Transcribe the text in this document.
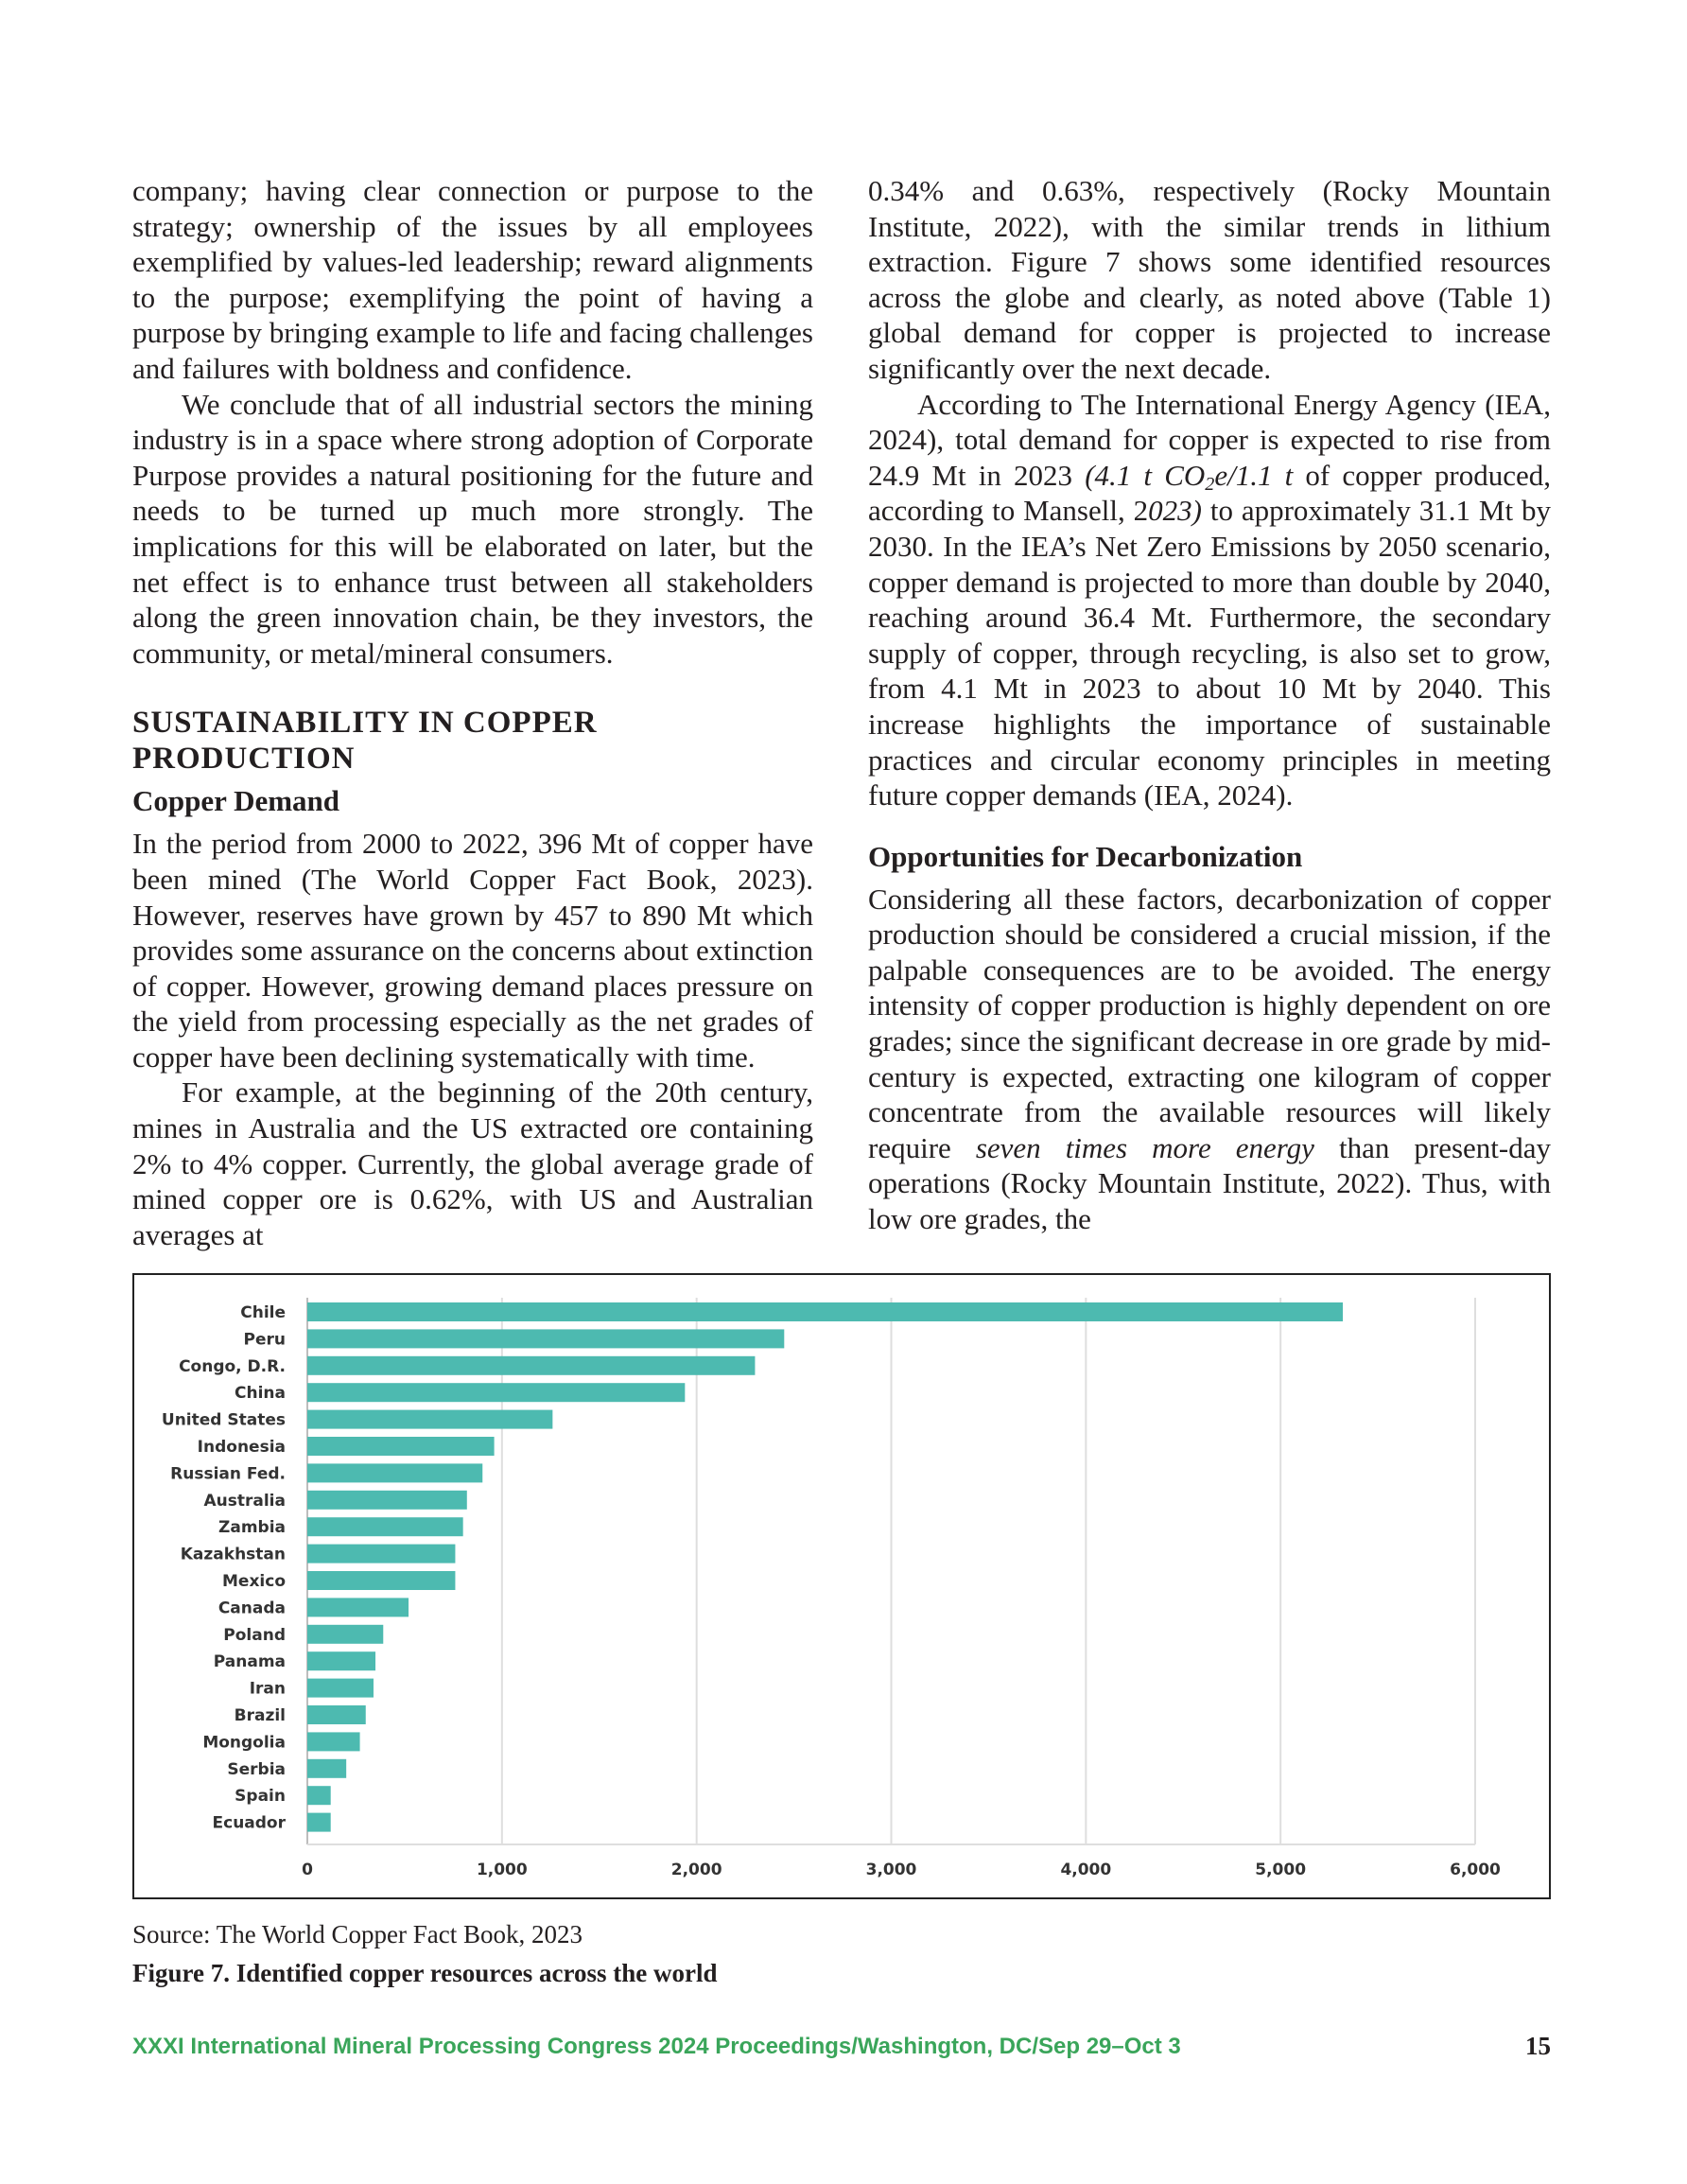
company; having clear connection or purpose to the strategy; ownership of the issues by all employees exemplified by values-led leadership; reward alignments to the purpose; exemplifying the point of having a purpose by bringing example to life and facing challenges and failures with boldness and confidence.

We conclude that of all industrial sectors the mining industry is in a space where strong adoption of Corporate Purpose provides a natural positioning for the future and needs to be turned up much more strongly. The implications for this will be elaborated on later, but the net effect is to enhance trust between all stakeholders along the green innovation chain, be they investors, the community, or metal/mineral consumers.

SUSTAINABILITY IN COPPER PRODUCTION
Copper Demand

In the period from 2000 to 2022, 396 Mt of copper have been mined (The World Copper Fact Book, 2023). However, reserves have grown by 457 to 890 Mt which provides some assurance on the concerns about extinction of copper. However, growing demand places pressure on the yield from processing especially as the net grades of copper have been declining systematically with time.

For example, at the beginning of the 20th century, mines in Australia and the US extracted ore containing 2% to 4% copper. Currently, the global average grade of mined copper ore is 0.62%, with US and Australian averages at

0.34% and 0.63%, respectively (Rocky Mountain Institute, 2022), with the similar trends in lithium extraction. Figure 7 shows some identified resources across the globe and clearly, as noted above (Table 1) global demand for copper is projected to increase significantly over the next decade.

According to The International Energy Agency (IEA, 2024), total demand for copper is expected to rise from 24.9 Mt in 2023 (4.1 t $CO_2e/1.1$ t of copper produced, according to Mansell, 2023) to approximately 31.1 Mt by 2030. In the IEA’s Net Zero Emissions by 2050 scenario, copper demand is projected to more than double by 2040, reaching around 36.4 Mt. Furthermore, the secondary supply of copper, through recycling, is also set to grow, from 4.1 Mt in 2023 to about 10 Mt by 2040. This increase highlights the importance of sustainable practices and circular economy principles in meeting future copper demands (IEA, 2024).

Opportunities for Decarbonization

Considering all these factors, decarbonization of copper production should be considered a crucial mission, if the palpable consequences are to be avoided. The energy intensity of copper production is highly dependent on ore grades; since the significant decrease in ore grade by mid-century is expected, extracting one kilogram of copper concentrate from the available resources will likely require seven times more energy than present-day operations (Rocky Mountain Institute, 2022). Thus, with low ore grades, the

Chile
Peru
Congo, D.R.
China
United States
Indonesia
Russian Fed.
Australia
Zambia
Kazakhstan
Mexico
Canada
Poland
Panama
Iran
Brazil
Mongolia
Serbia
Spain
Ecuador
0	1,000	2,000	3,000	4,000	5,000	6,000
Source: The World Copper Fact Book, 2023
Figure 7. Identified copper resources across the world
XXXI International Mineral Processing Congress 2024 Proceedings/Washington, DC/Sep 29–Oct 3	15
